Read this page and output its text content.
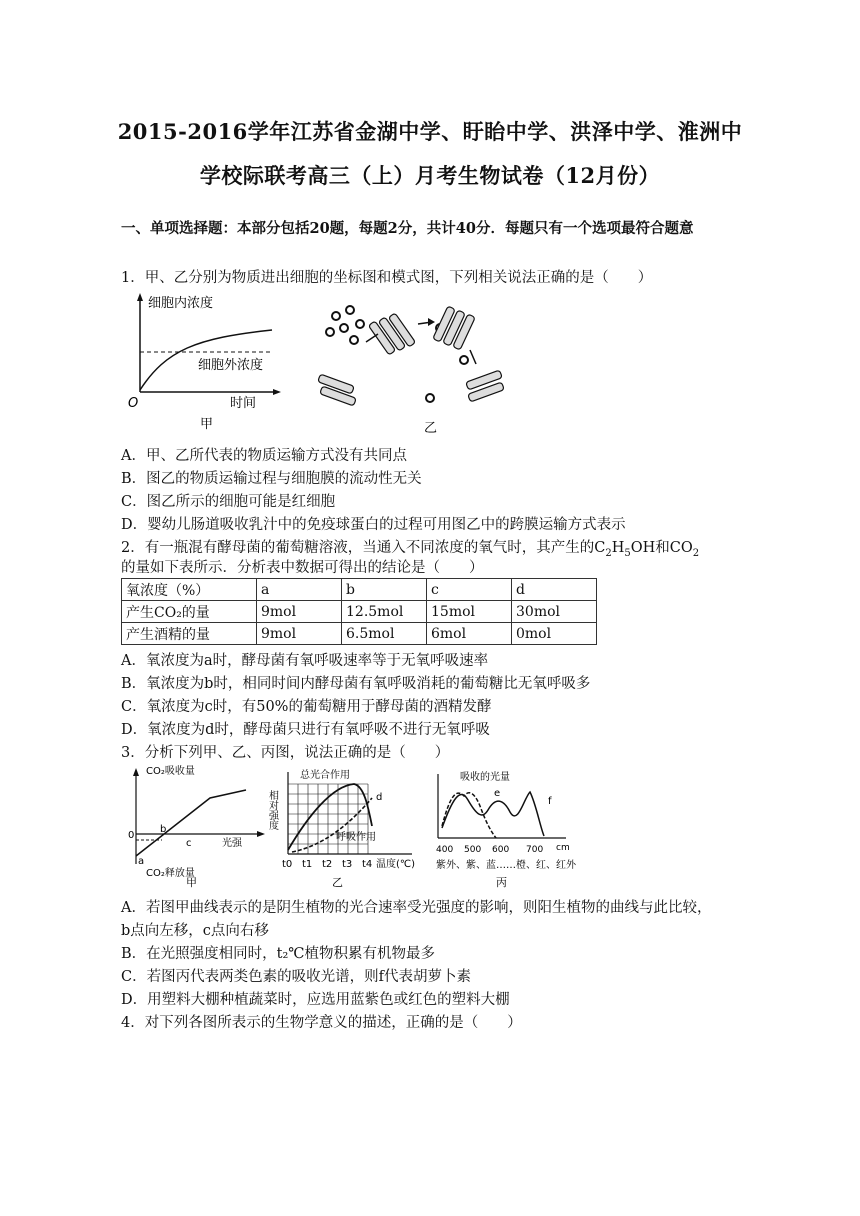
2015-2016学年江苏省金湖中学、盱眙中学、洪泽中学、淮洲中
学校际联考高三（上）月考生物试卷（12月份）
一、单项选择题：本部分包括20题，每题2分，共计40分．每题只有一个选项最符合题意
1．甲、乙分别为物质进出细胞的坐标图和模式图，下列相关说法正确的是（　　）
细胞内浓度
细胞外浓度
时间
O
甲	乙
A．甲、乙所代表的物质运输方式没有共同点
B．图乙的物质运输过程与细胞膜的流动性无关
C．图乙所示的细胞可能是红细胞
D．婴幼儿肠道吸收乳汁中的免疫球蛋白的过程可用图乙中的跨膜运输方式表示
2．有一瓶混有酵母菌的葡萄糖溶液，当通入不同浓度的氧气时，其产生的$C_2H_5OH$和$CO_2$
的量如下表所示．分析表中数据可得出的结论是（　　）
氧浓度（%）	a	b	c	d
产生CO₂的量	9mol	12.5mol	15mol	30mol
产生酒精的量	9mol	6.5mol	6mol	0mol
A．氧浓度为a时，酵母菌有氧呼吸速率等于无氧呼吸速率
B．氧浓度为b时，相同时间内酵母菌有氧呼吸消耗的葡萄糖比无氧呼吸多
C．氧浓度为c时，有50%的葡萄糖用于酵母菌的酒精发酵
D．氧浓度为d时，酵母菌只进行有氧呼吸不进行无氧呼吸
3．分析下列甲、乙、丙图，说法正确的是（　　）
CO₂吸收量
CO₂释放量
光强
0
a
b
c
甲
总光合作用
相对强度	d
呼吸作用
t0 t1 t2 t3 t4 温度(℃)
乙
吸收的光量
e
f
400 500 600 700 cm
紫外、紫、蓝……橙、红、红外
丙
A．若图甲曲线表示的是阴生植物的光合速率受光强度的影响，则阳生植物的曲线与此比较，
b点向左移，c点向右移
B．在光照强度相同时，t₂℃植物积累有机物最多
C．若图丙代表两类色素的吸收光谱，则f代表胡萝卜素
D．用塑料大棚种植蔬菜时，应选用蓝紫色或红色的塑料大棚
4．对下列各图所表示的生物学意义的描述，正确的是（　　）
